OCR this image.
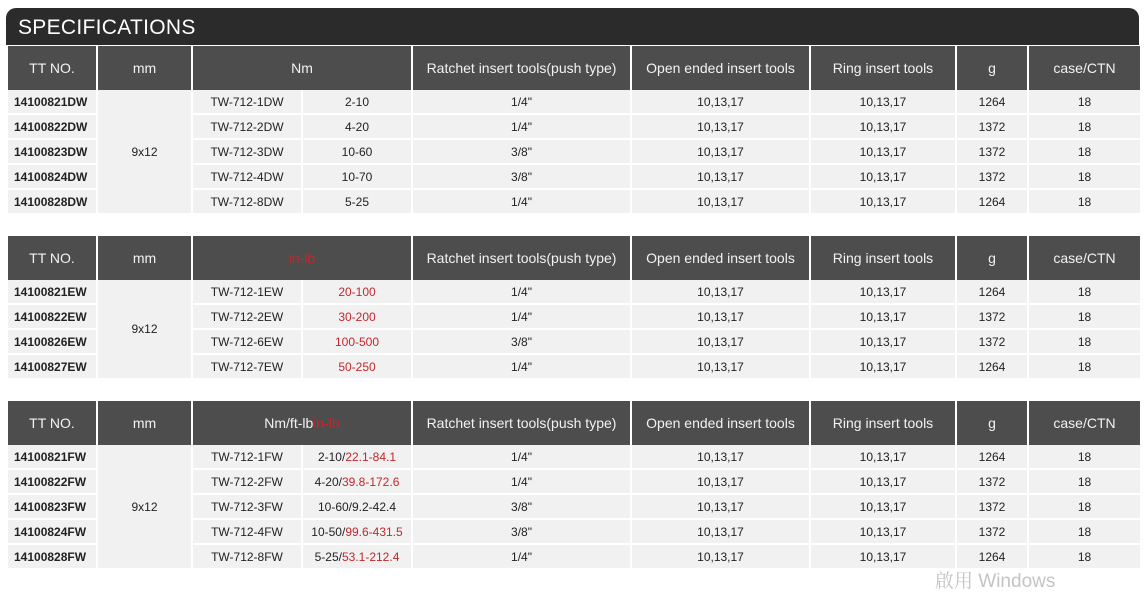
SPECIFICATIONS
TT NO.	mm	Nm		Ratchet insert tools(push type)	Open ended insert tools	Ring insert tools	g	case/CTN
14100821DW	9x12	TW-712-1DW	2-10	1/4"	10,13,17	10,13,17	1264	18
14100822DW		TW-712-2DW	4-20	1/4"	10,13,17	10,13,17	1372	18
14100823DW		TW-712-3DW	10-60	3/8"	10,13,17	10,13,17	1372	18
14100824DW		TW-712-4DW	10-70	3/8"	10,13,17	10,13,17	1372	18
14100828DW		TW-712-8DW	5-25	1/4"	10,13,17	10,13,17	1264	18
TT NO.	mm	in-lb		Ratchet insert tools(push type)	Open ended insert tools	Ring insert tools	g	case/CTN
14100821EW	9x12	TW-712-1EW	20-100	1/4"	10,13,17	10,13,17	1264	18
14100822EW		TW-712-2EW	30-200	1/4"	10,13,17	10,13,17	1372	18
14100826EW		TW-712-6EW	100-500	3/8"	10,13,17	10,13,17	1372	18
14100827EW		TW-712-7EW	50-250	1/4"	10,13,17	10,13,17	1264	18
TT NO.	mm	Nm/ft-lbin-lb		Ratchet insert tools(push type)	Open ended insert tools	Ring insert tools	g	case/CTN
14100821FW	9x12	TW-712-1FW	2-10/22.1-84.1	1/4"	10,13,17	10,13,17	1264	18
14100822FW		TW-712-2FW	4-20/39.8-172.6	1/4"	10,13,17	10,13,17	1372	18
14100823FW		TW-712-3FW	10-60/9.2-42.4	3/8"	10,13,17	10,13,17	1372	18
14100824FW		TW-712-4FW	10-50/99.6-431.5	3/8"	10,13,17	10,13,17	1372	18
14100828FW		TW-712-8FW	5-25/53.1-212.4	1/4"	10,13,17	10,13,17	1264	18
啟用 Windows
